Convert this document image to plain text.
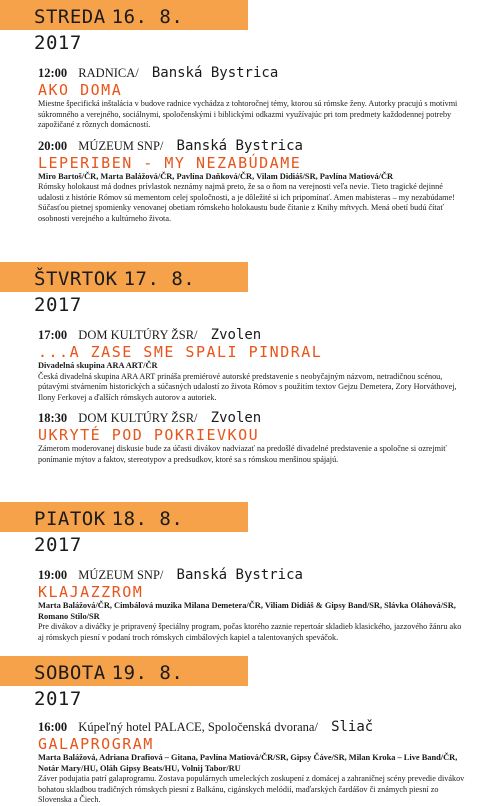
STREDA 16. 8. 2017
12:00 RADNICA/ Banská Bystrica
AKO DOMA
Miestne špecifická inštalácia v budove radnice vychádza z tohtoročnej témy, ktorou sú rómske ženy. Autorky pracujú s motívmi súkromného a verejného, sociálnymi, spoločenskými i biblickými odkazmi využívajúc pri tom predmety každodennej potreby zapožičané z rôznych domácností.
20:00 MÚZEUM SNP/ Banská Bystrica
LEPERIBEN - MY NEZABÚDAME
Miro Bartoš/ČR, Marta Balážová/ČR, Pavlína Daňková/ČR, Vilam Didiáš/SR, Pavlína Matiová/ČR
Rómsky holokaust má dodnes prívlastok neznámy najmä preto, že sa o ňom na verejnosti veľa nevie. Tieto tragické dejinné udalosti z histórie Rómov sú mementom celej spoločnosti, a je dôležité si ich pripomínať. Amen mabisteras – my nezabúdame! Súčasťou pietnej spomienky venovanej obetiam rómskeho holokaustu bude čítanie z Knihy mŕtvych. Mená obetí budú čítať osobnosti verejného a kultúrneho života.
ŠTVRTOK 17. 8. 2017
17:00 DOM KULTÚRY ŽSR/ Zvolen
...A ZASE SME SPALI PINDRAL
Divadelná skupina ARA ART/ČR
Česká divadelná skupina ARA ART prináša premiérové autorské predstavenie s neobyčajným názvom, netradičnou scénou, pútavými stvárnením historických a súčasných udalostí zo života Rómov s použitím textov Gejzu Demetera, Zory Horváthovej, Ilony Ferkovej a ďalších rómskych autorov a autoriek.
18:30 DOM KULTÚRY ŽSR/ Zvolen
UKRYTÉ POD POKRIEVKOU
Zámerom moderovanej diskusie bude za účasti divákov nadviazať na predošlé divadelné predstavenie a spoločne si ozrejmiť ponímanie mýtov a faktov, stereotypov a predsudkov, ktoré sa s rómskou menšinou spájajú.
PIATOK 18. 8. 2017
19:00 MÚZEUM SNP/ Banská Bystrica
KLAJAZZROM
Marta Balážová/ČR, Cimbálová muzika Milana Demetera/ČR, Viliam Didiáš & Gipsy Band/SR, Slávka Oláhová/SR, Romano Stilo/SR
Pre divákov a diváčky je pripravený špeciálny program, počas ktorého zaznie repertoár skladieb klasického, jazzového žánru ako aj rómskych piesní v podaní troch rómskych cimbálových kapiel a talentovaných speváčok.
SOBOTA 19. 8. 2017
16:00 Kúpeľný hotel PALACE, Spoločenská dvorana/ Sliač
GALAPROGRAM
Marta Balážová, Adriana Drafiová – Gitana, Pavlína Matiová/ČR/SR, Gipsy Čáve/SR, Milan Kroka – Live Band/ČR, Notár Mary/HU, Oláh Gipsy Beats/HU, Volnij Tabor/RU
Záver podujatia patrí galaprogramu. Zostava populárnych umeleckých zoskupení z domácej a zahraničnej scény prevedie divákov bohatou skladbou tradičných rómskych piesní z Balkánu, cigánskych melódií, maďarských čardášov či známych piesní zo Slovenska a Čiech.
